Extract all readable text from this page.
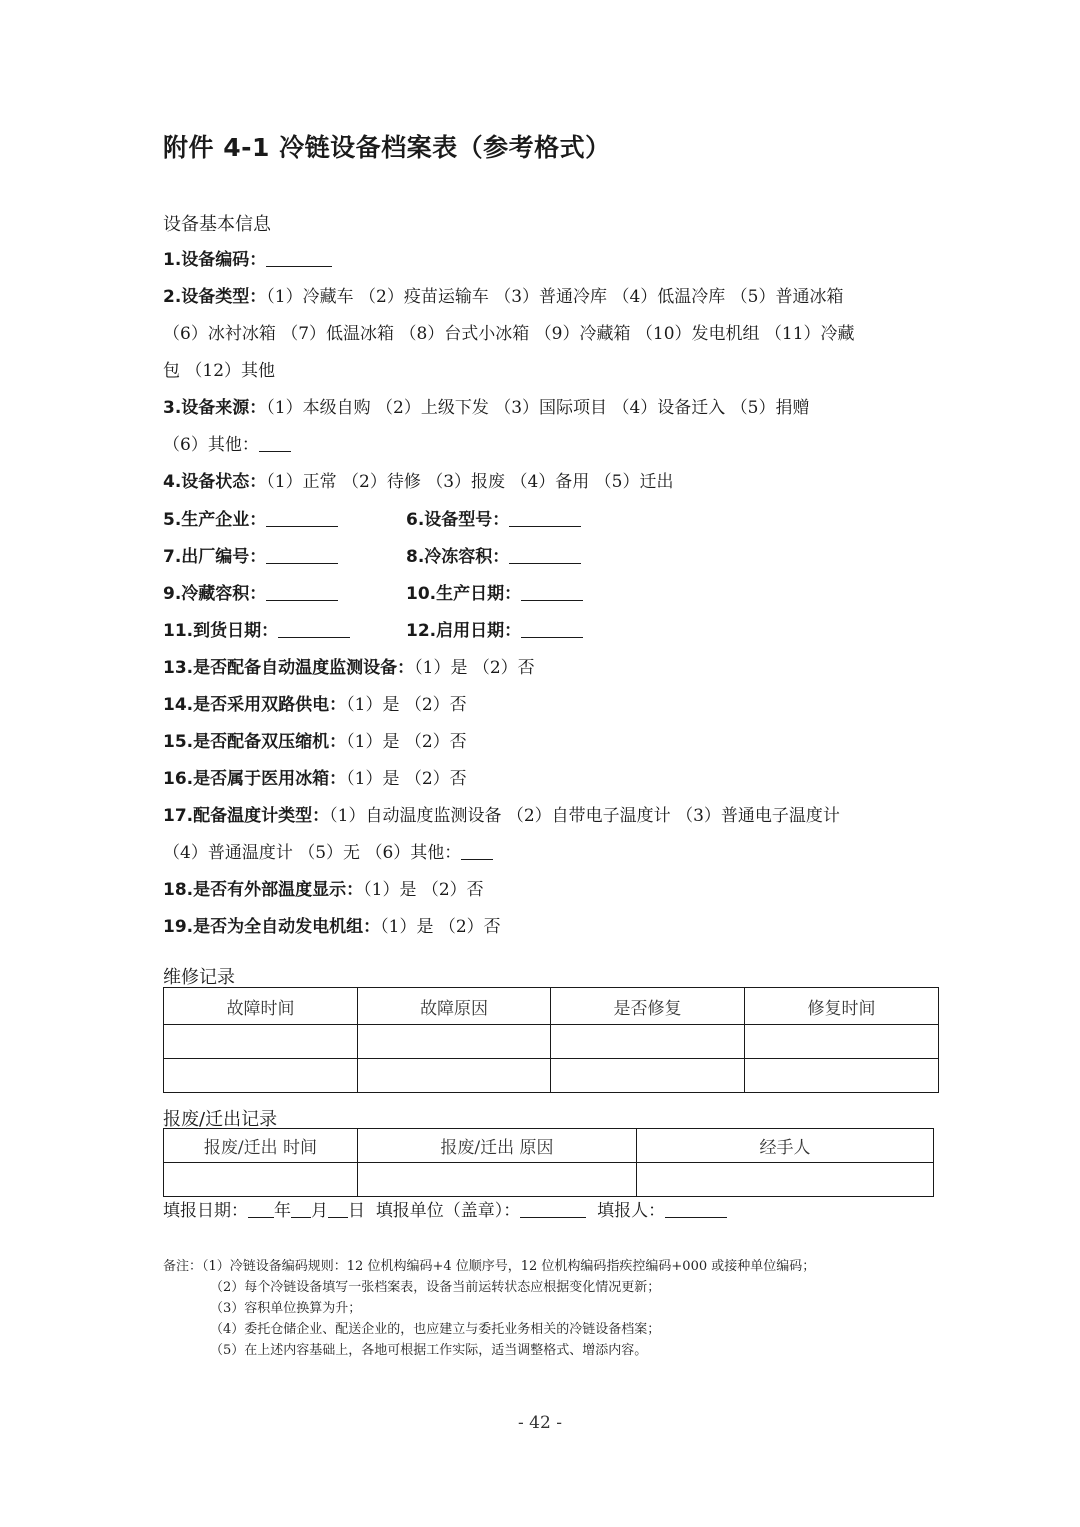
附件 4-1 冷链设备档案表（参考格式）
设备基本信息
1.设备编码：
2.设备类型：（1）冷藏车 （2）疫苗运输车 （3）普通冷库 （4）低温冷库 （5）普通冰箱
（6）冰衬冰箱 （7）低温冰箱 （8）台式小冰箱 （9）冷藏箱 （10）发电机组 （11）冷藏
包 （12）其他
3.设备来源：（1）本级自购 （2）上级下发 （3）国际项目 （4）设备迁入 （5）捐赠
（6）其他：
4.设备状态：（1）正常 （2）待修 （3）报废 （4）备用 （5）迁出
5.生产企业：	6.设备型号：
7.出厂编号：	8.冷冻容积：
9.冷藏容积：	10.生产日期：
11.到货日期：	12.启用日期：
13.是否配备自动温度监测设备：（1）是 （2）否
14.是否采用双路供电：（1）是 （2）否
15.是否配备双压缩机：（1）是 （2）否
16.是否属于医用冰箱：（1）是 （2）否
17.配备温度计类型：（1）自动温度监测设备 （2）自带电子温度计 （3）普通电子温度计
（4）普通温度计 （5）无 （6）其他：
18.是否有外部温度显示：（1）是 （2）否
19.是否为全自动发电机组：（1）是 （2）否
维修记录
故障时间	故障原因	是否修复	修复时间

报废/迁出记录
报废/迁出 时间	报废/迁出 原因	经手人

填报日期： 年 月 日 填报单位（盖章）：	填报人：
备注：（1）冷链设备编码规则：12 位机构编码+4 位顺序号，12 位机构编码指疾控编码+000 或接种单位编码；
（2）每个冷链设备填写一张档案表，设备当前运转状态应根据变化情况更新；
（3）容积单位换算为升；
（4）委托仓储企业、配送企业的，也应建立与委托业务相关的冷链设备档案；
（5）在上述内容基础上，各地可根据工作实际，适当调整格式、增添内容。
- 42 -
